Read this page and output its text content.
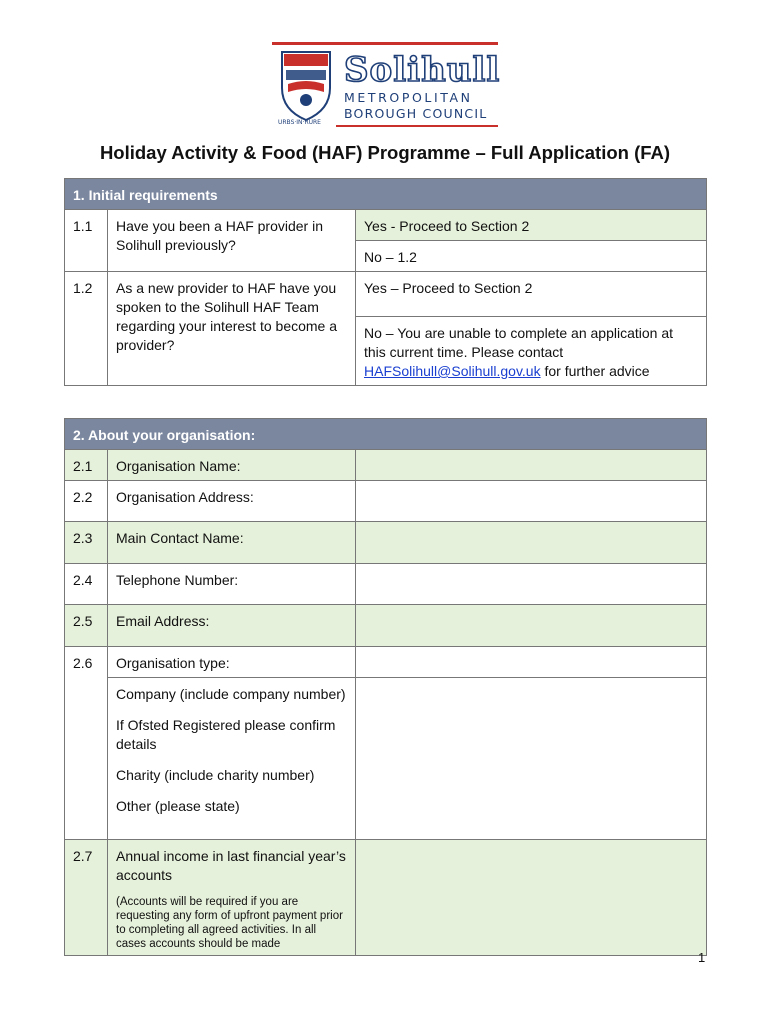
URBS·IN·RURE
Solihull
METROPOLITAN
BOROUGH COUNCIL
Holiday Activity & Food (HAF) Programme – Full Application (FA)
1. Initial requirements		
1.1	Have you been a HAF provider in Solihull previously?	Yes - Proceed to Section 2
		No – 1.2
1.2	As a new provider to HAF have you spoken to the Solihull HAF Team regarding your interest to become a provider?	Yes – Proceed to Section 2
		No – You are unable to complete an application at this current time. Please contact HAFSolihull@Solihull.gov.uk for further advice
2. About your organisation:		
2.1	Organisation Name:	
2.2	Organisation Address:	
2.3	Main Contact Name:	
2.4	Telephone Number:	
2.5	Email Address:	
2.6	Organisation type:	

	Company (include company number)
If Ofsted Registered please confirm details
Charity (include charity number)
Other (please state)	

2.7	Annual income in last financial year’s accounts
(Accounts will be required if you are requesting any form of upfront payment prior to completing all agreed activities. In all cases accounts should be made	

1
